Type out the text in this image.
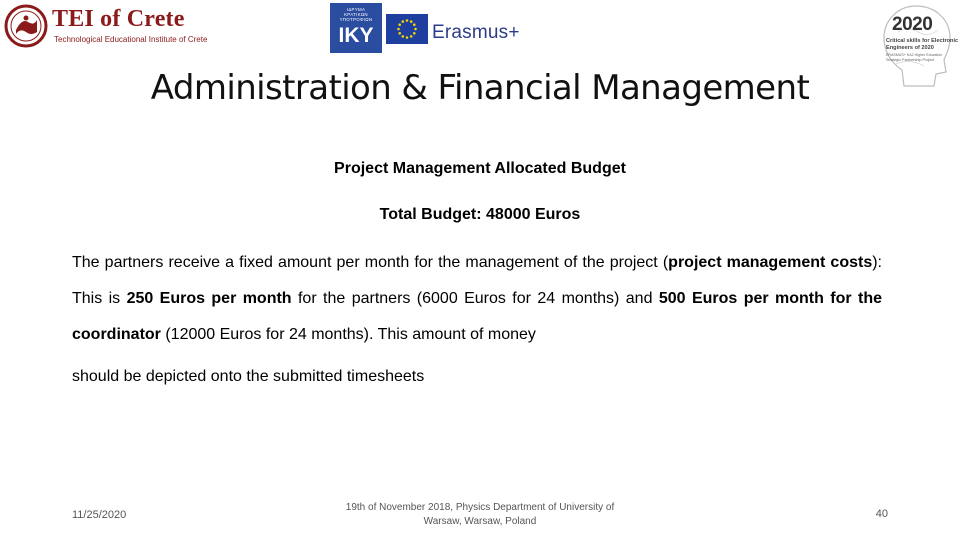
TEI of Crete
Technological Educational Institute of Crete
ΙΔΡΥΜΑ
ΚΡΑΤΙΚΩΝ
ΥΠΟΤΡΟΦΙΩΝ
IKY	Erasmus+	2020
Critical skills for Electronic
Engineers of 2020
ERASMUS+ KA2 Higher Education
Strategic Partnership Project
Administration & Financial Management
Project Management Allocated Budget
Total Budget: 48000 Euros
The partners receive a fixed amount per month for the management of the project (project management costs): This is 250 Euros per month for the partners (6000 Euros for 24 months) and 500 Euros per month for the coordinator (12000 Euros for 24 months). This amount of money
should be depicted onto the submitted timesheets
11/25/2020
19th of November 2018, Physics Department of University of
Warsaw, Warsaw, Poland
40
